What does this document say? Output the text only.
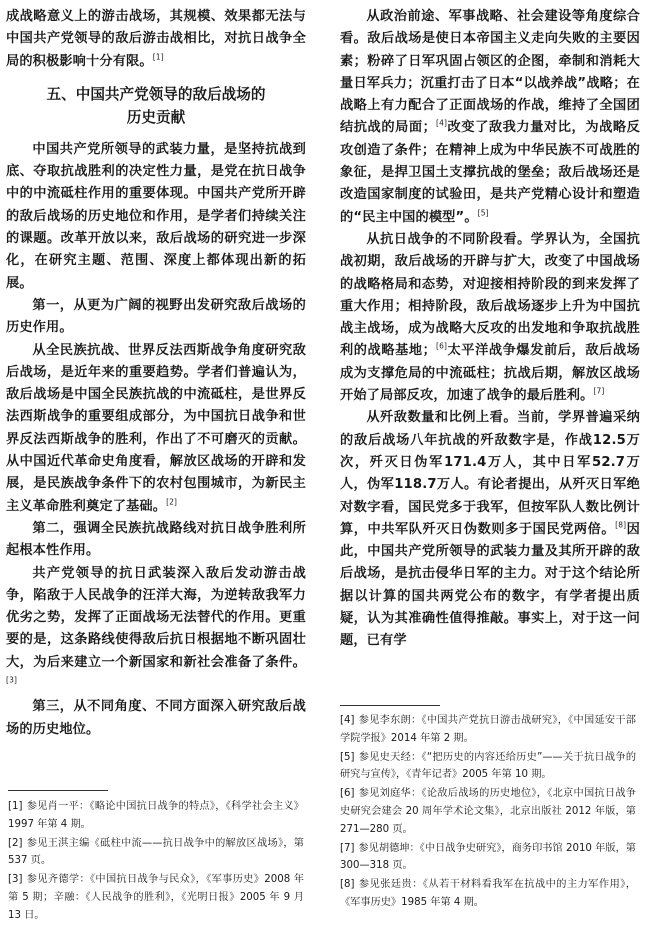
成战略意义上的游击战场，其规模、效果都无法与中国共产党领导的敌后游击战相比，对抗日战争全局的积极影响十分有限。[1]

五、中国共产党领导的敌后战场的
历史贡献

中国共产党所领导的武装力量，是坚持抗战到底、夺取抗战胜利的决定性力量，是党在抗日战争中的中流砥柱作用的重要体现。中国共产党所开辟的敌后战场的历史地位和作用，是学者们持续关注的课题。改革开放以来，敌后战场的研究进一步深化，在研究主题、范围、深度上都体现出新的拓展。

第一，从更为广阔的视野出发研究敌后战场的历史作用。

从全民族抗战、世界反法西斯战争角度研究敌后战场，是近年来的重要趋势。学者们普遍认为，敌后战场是中国全民族抗战的中流砥柱，是世界反法西斯战争的重要组成部分，为中国抗日战争和世界反法西斯战争的胜利，作出了不可磨灭的贡献。从中国近代革命史角度看，解放区战场的开辟和发展，是民族战争条件下的农村包围城市，为新民主主义革命胜利奠定了基础。[2]

第二，强调全民族抗战路线对抗日战争胜利所起根本性作用。

共产党领导的抗日武装深入敌后发动游击战争，陷敌于人民战争的汪洋大海，为逆转敌我军力优劣之势，发挥了正面战场无法替代的作用。更重要的是，这条路线使得敌后抗日根据地不断巩固壮大，为后来建立一个新国家和新社会准备了条件。[3]

第三，从不同角度、不同方面深入研究敌后战场的历史地位。

从政治前途、军事战略、社会建设等角度综合看。敌后战场是使日本帝国主义走向失败的主要因素；粉碎了日军巩固占领区的企图，牵制和消耗大量日军兵力；沉重打击了日本“以战养战”战略；在战略上有力配合了正面战场的作战，维持了全国团结抗战的局面；[4]改变了敌我力量对比，为战略反攻创造了条件；在精神上成为中华民族不可战胜的象征，是捍卫国土支撑抗战的堡垒；敌后战场还是改造国家制度的试验田，是共产党精心设计和塑造的“民主中国的模型”。[5]

从抗日战争的不同阶段看。学界认为，全国抗战初期，敌后战场的开辟与扩大，改变了中国战场的战略格局和态势，对迎接相持阶段的到来发挥了重大作用；相持阶段，敌后战场逐步上升为中国抗战主战场，成为战略大反攻的出发地和争取抗战胜利的战略基地；[6]太平洋战争爆发前后，敌后战场成为支撑危局的中流砥柱；抗战后期，解放区战场开始了局部反攻，加速了战争的最后胜利。[7]

从歼敌数量和比例上看。当前，学界普遍采纳的敌后战场八年抗战的歼敌数字是，作战12.5万次，歼灭日伪军171.4万人，其中日军52.7万人，伪军118.7万人。有论者提出，从歼灭日军绝对数字看，国民党多于我军，但按军队人数比例计算，中共军队歼灭日伪数则多于国民党两倍。[8]因此，中国共产党所领导的武装力量及其所开辟的敌后战场，是抗击侵华日军的主力。对于这个结论所据以计算的国共两党公布的数字，有学者提出质疑，认为其准确性值得推敲。事实上，对于这一问题，已有学

[1] 参见肖一平：《略论中国抗日战争的特点》，《科学社会主义》1997 年第 4 期。
[2] 参见王淇主编《砥柱中流——抗日战争中的解放区战场》，第 537 页。
[3] 参见齐德学：《中国抗日战争与民众》，《军事历史》2008 年第 5 期；辛融：《人民战争的胜利》，《光明日报》2005 年 9 月 13 日。
[4] 参见李东朗：《中国共产党抗日游击战研究》，《中国延安干部学院学报》2014 年第 2 期。
[5] 参见史天经：《“把历史的内容还给历史”——关于抗日战争的研究与宣传》，《青年记者》2005 年第 10 期。
[6] 参见刘庭华：《论敌后战场的历史地位》，《北京中国抗日战争史研究会建会 20 周年学术论文集》，北京出版社 2012 年版，第 271—280 页。
[7] 参见胡德坤：《中日战争史研究》，商务印书馆 2010 年版，第 300—318 页。
[8] 参见张廷贵：《从若干材料看我军在抗战中的主力军作用》，《军事历史》1985 年第 4 期。
